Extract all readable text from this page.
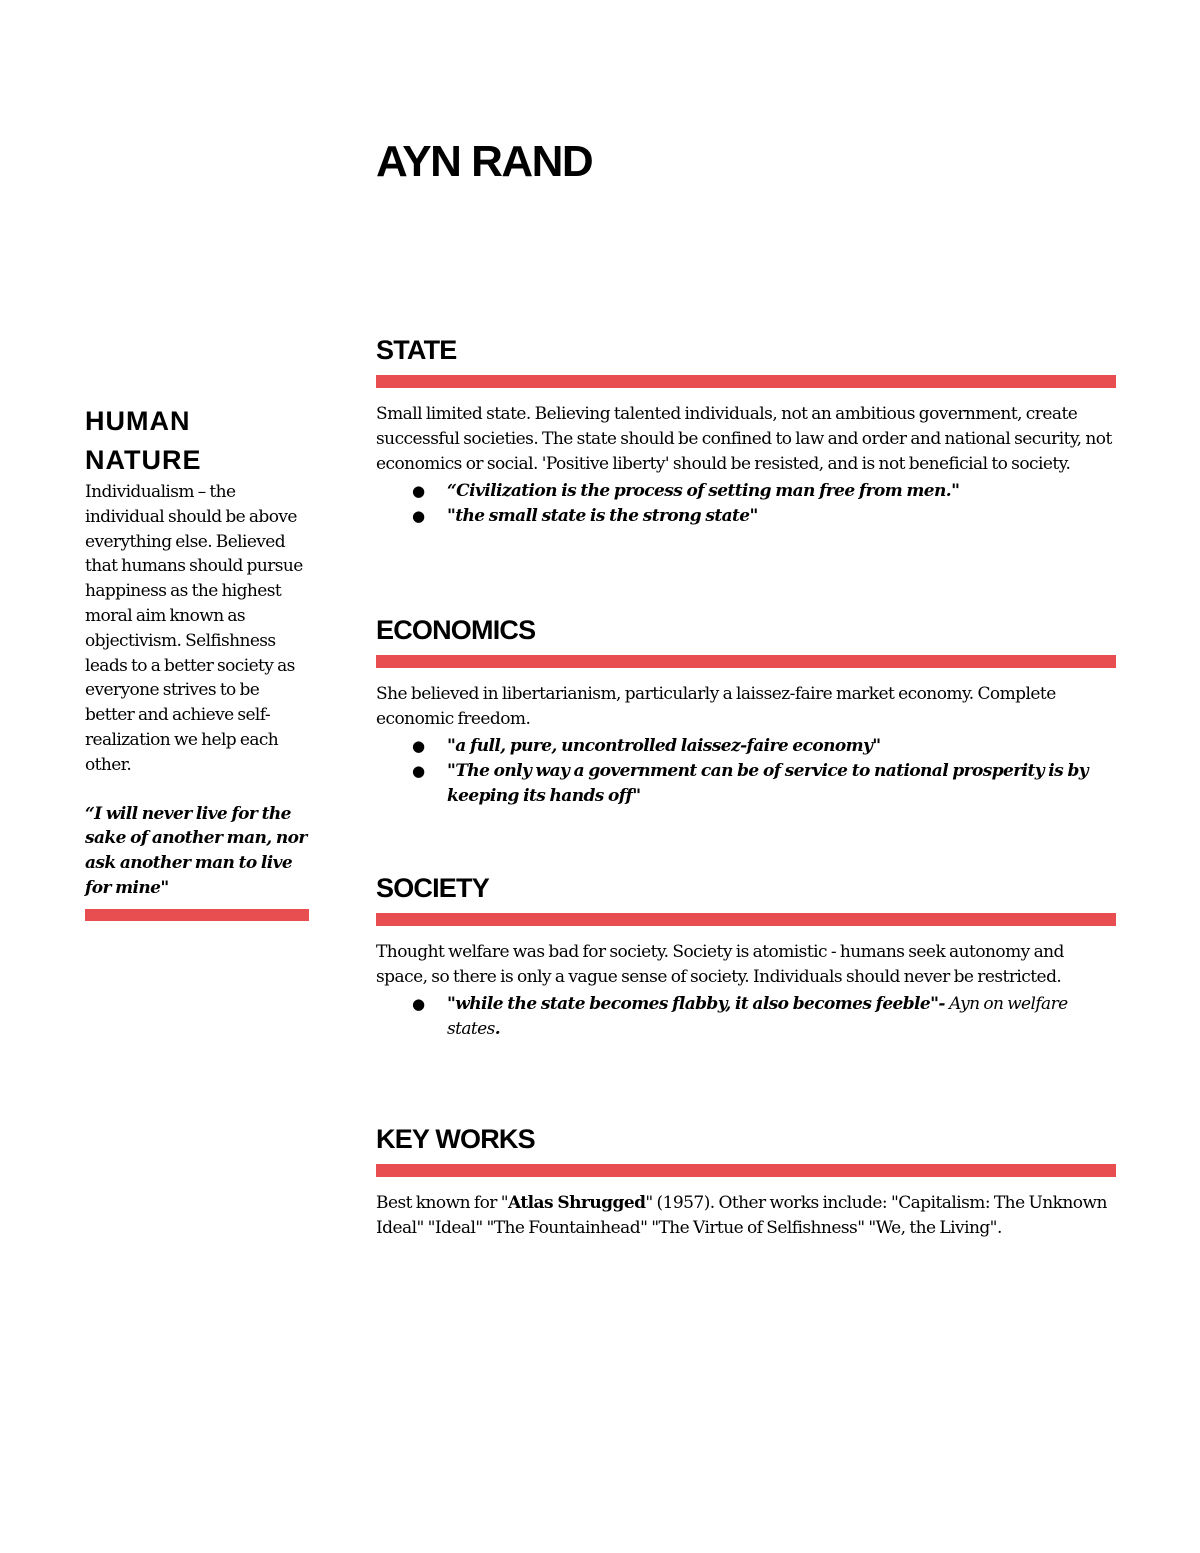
AYN RAND
HUMAN
NATURE

Individualism – the individual should be above everything else. Believed that humans should pursue happiness as the highest moral aim known as objectivism. Selfishness leads to a better society as everyone strives to be better and achieve self-realization we help each other.

“I will never live for the sake of another man, nor ask another man to live for mine"

STATE

Small limited state. Believing talented individuals, not an ambitious government, create successful societies. The state should be confined to law and order and national security, not economics or social. 'Positive liberty' should be resisted, and is not beneficial to society.

● “Civilization is the process of setting man free from men."
● "the small state is the strong state"
ECONOMICS

She believed in libertarianism, particularly a laissez-faire market economy. Complete economic freedom.

● "a full, pure, uncontrolled laissez-faire economy"
● "The only way a government can be of service to national prosperity is by keeping its hands off"
SOCIETY

Thought welfare was bad for society. Society is atomistic - humans seek autonomy and space, so there is only a vague sense of society. Individuals should never be restricted.

● "while the state becomes flabby, it also becomes feeble"- Ayn on welfare states.
KEY WORKS

Best known for "Atlas Shrugged" (1957). Other works include: "Capitalism: The Unknown Ideal" "Ideal" "The Fountainhead" "The Virtue of Selfishness" "We, the Living".
